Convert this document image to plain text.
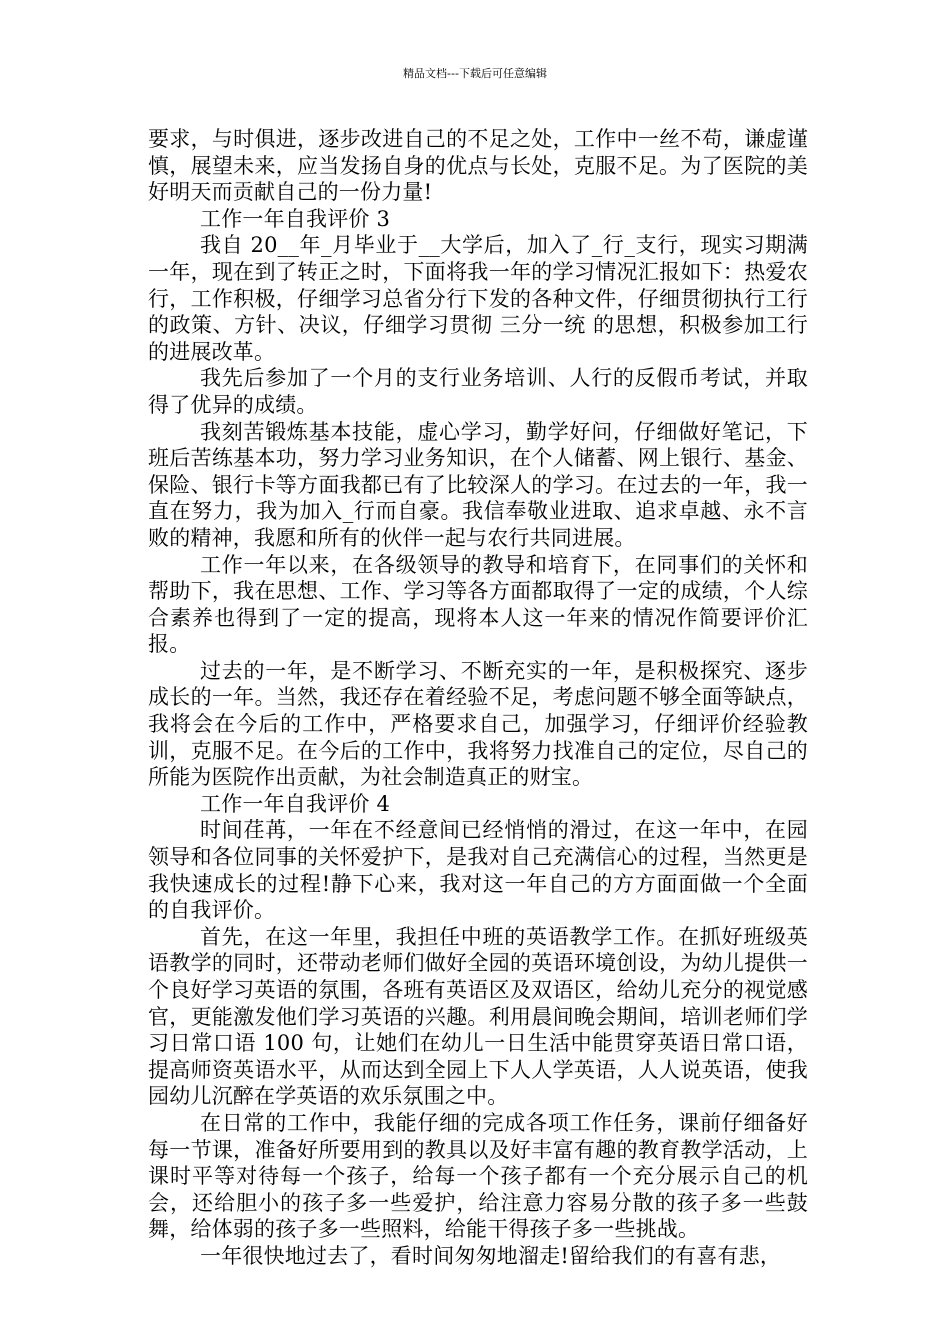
精品文档---下载后可任意编辑

要求，与时俱进，逐步改进自己的不足之处，工作中一丝不苟，谦虚谨慎，展望未来，应当发扬自身的优点与长处，克服不足。为了医院的美好明天而贡献自己的一份力量!

工作一年自我评价 3

我自 20__年_月毕业于__大学后，加入了_行_支行，现实习期满一年，现在到了转正之时，下面将我一年的学习情况汇报如下：热爱农行，工作积极，仔细学习总省分行下发的各种文件，仔细贯彻执行工行的政策、方针、决议，仔细学习贯彻 三分一统 的思想，积极参加工行的进展改革。

我先后参加了一个月的支行业务培训、人行的反假币考试，并取得了优异的成绩。

我刻苦锻炼基本技能，虚心学习，勤学好问，仔细做好笔记，下班后苦练基本功，努力学习业务知识，在个人储蓄、网上银行、基金、保险、银行卡等方面我都已有了比较深人的学习。在过去的一年，我一直在努力，我为加入_行而自豪。我信奉敬业进取、追求卓越、永不言败的精神，我愿和所有的伙伴一起与农行共同进展。

工作一年以来，在各级领导的教导和培育下，在同事们的关怀和帮助下，我在思想、工作、学习等各方面都取得了一定的成绩，个人综合素养也得到了一定的提高，现将本人这一年来的情况作简要评价汇报。

过去的一年，是不断学习、不断充实的一年，是积极探究、逐步成长的一年。当然，我还存在着经验不足，考虑问题不够全面等缺点，我将会在今后的工作中，严格要求自己，加强学习，仔细评价经验教训，克服不足。在今后的工作中，我将努力找准自己的定位，尽自己的所能为医院作出贡献，为社会制造真正的财宝。

工作一年自我评价 4

时间荏苒，一年在不经意间已经悄悄的滑过，在这一年中，在园领导和各位同事的关怀爱护下，是我对自己充满信心的过程，当然更是我快速成长的过程!静下心来，我对这一年自己的方方面面做一个全面的自我评价。

首先，在这一年里，我担任中班的英语教学工作。在抓好班级英语教学的同时，还带动老师们做好全园的英语环境创设，为幼儿提供一个良好学习英语的氛围，各班有英语区及双语区，给幼儿充分的视觉感官，更能激发他们学习英语的兴趣。利用晨间晚会期间，培训老师们学习日常口语 100 句，让她们在幼儿一日生活中能贯穿英语日常口语，提高师资英语水平，从而达到全园上下人人学英语，人人说英语，使我园幼儿沉醉在学英语的欢乐氛围之中。

在日常的工作中，我能仔细的完成各项工作任务，课前仔细备好每一节课，准备好所要用到的教具以及好丰富有趣的教育教学活动，上课时平等对待每一个孩子，给每一个孩子都有一个充分展示自己的机会，还给胆小的孩子多一些爱护，给注意力容易分散的孩子多一些鼓舞，给体弱的孩子多一些照料，给能干得孩子多一些挑战。

一年很快地过去了，看时间匆匆地溜走!留给我们的有喜有悲，
